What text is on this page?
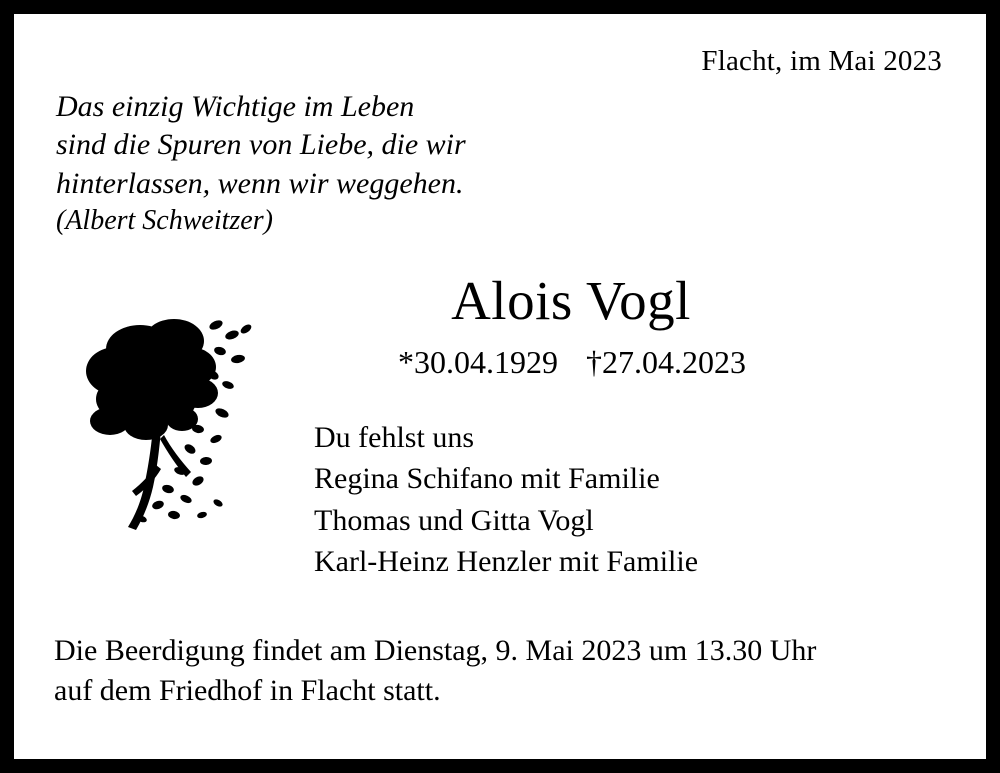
Flacht, im Mai 2023
Das einzig Wichtige im Leben
sind die Spuren von Liebe, die wir
hinterlassen, wenn wir weggehen.
(Albert Schweitzer)
Alois Vogl
*30.04.1929 †27.04.2023
Du fehlst uns
Regina Schifano mit Familie
Thomas und Gitta Vogl
Karl-Heinz Henzler mit Familie
Die Beerdigung findet am Dienstag, 9. Mai 2023 um 13.30 Uhr
auf dem Friedhof in Flacht statt.
